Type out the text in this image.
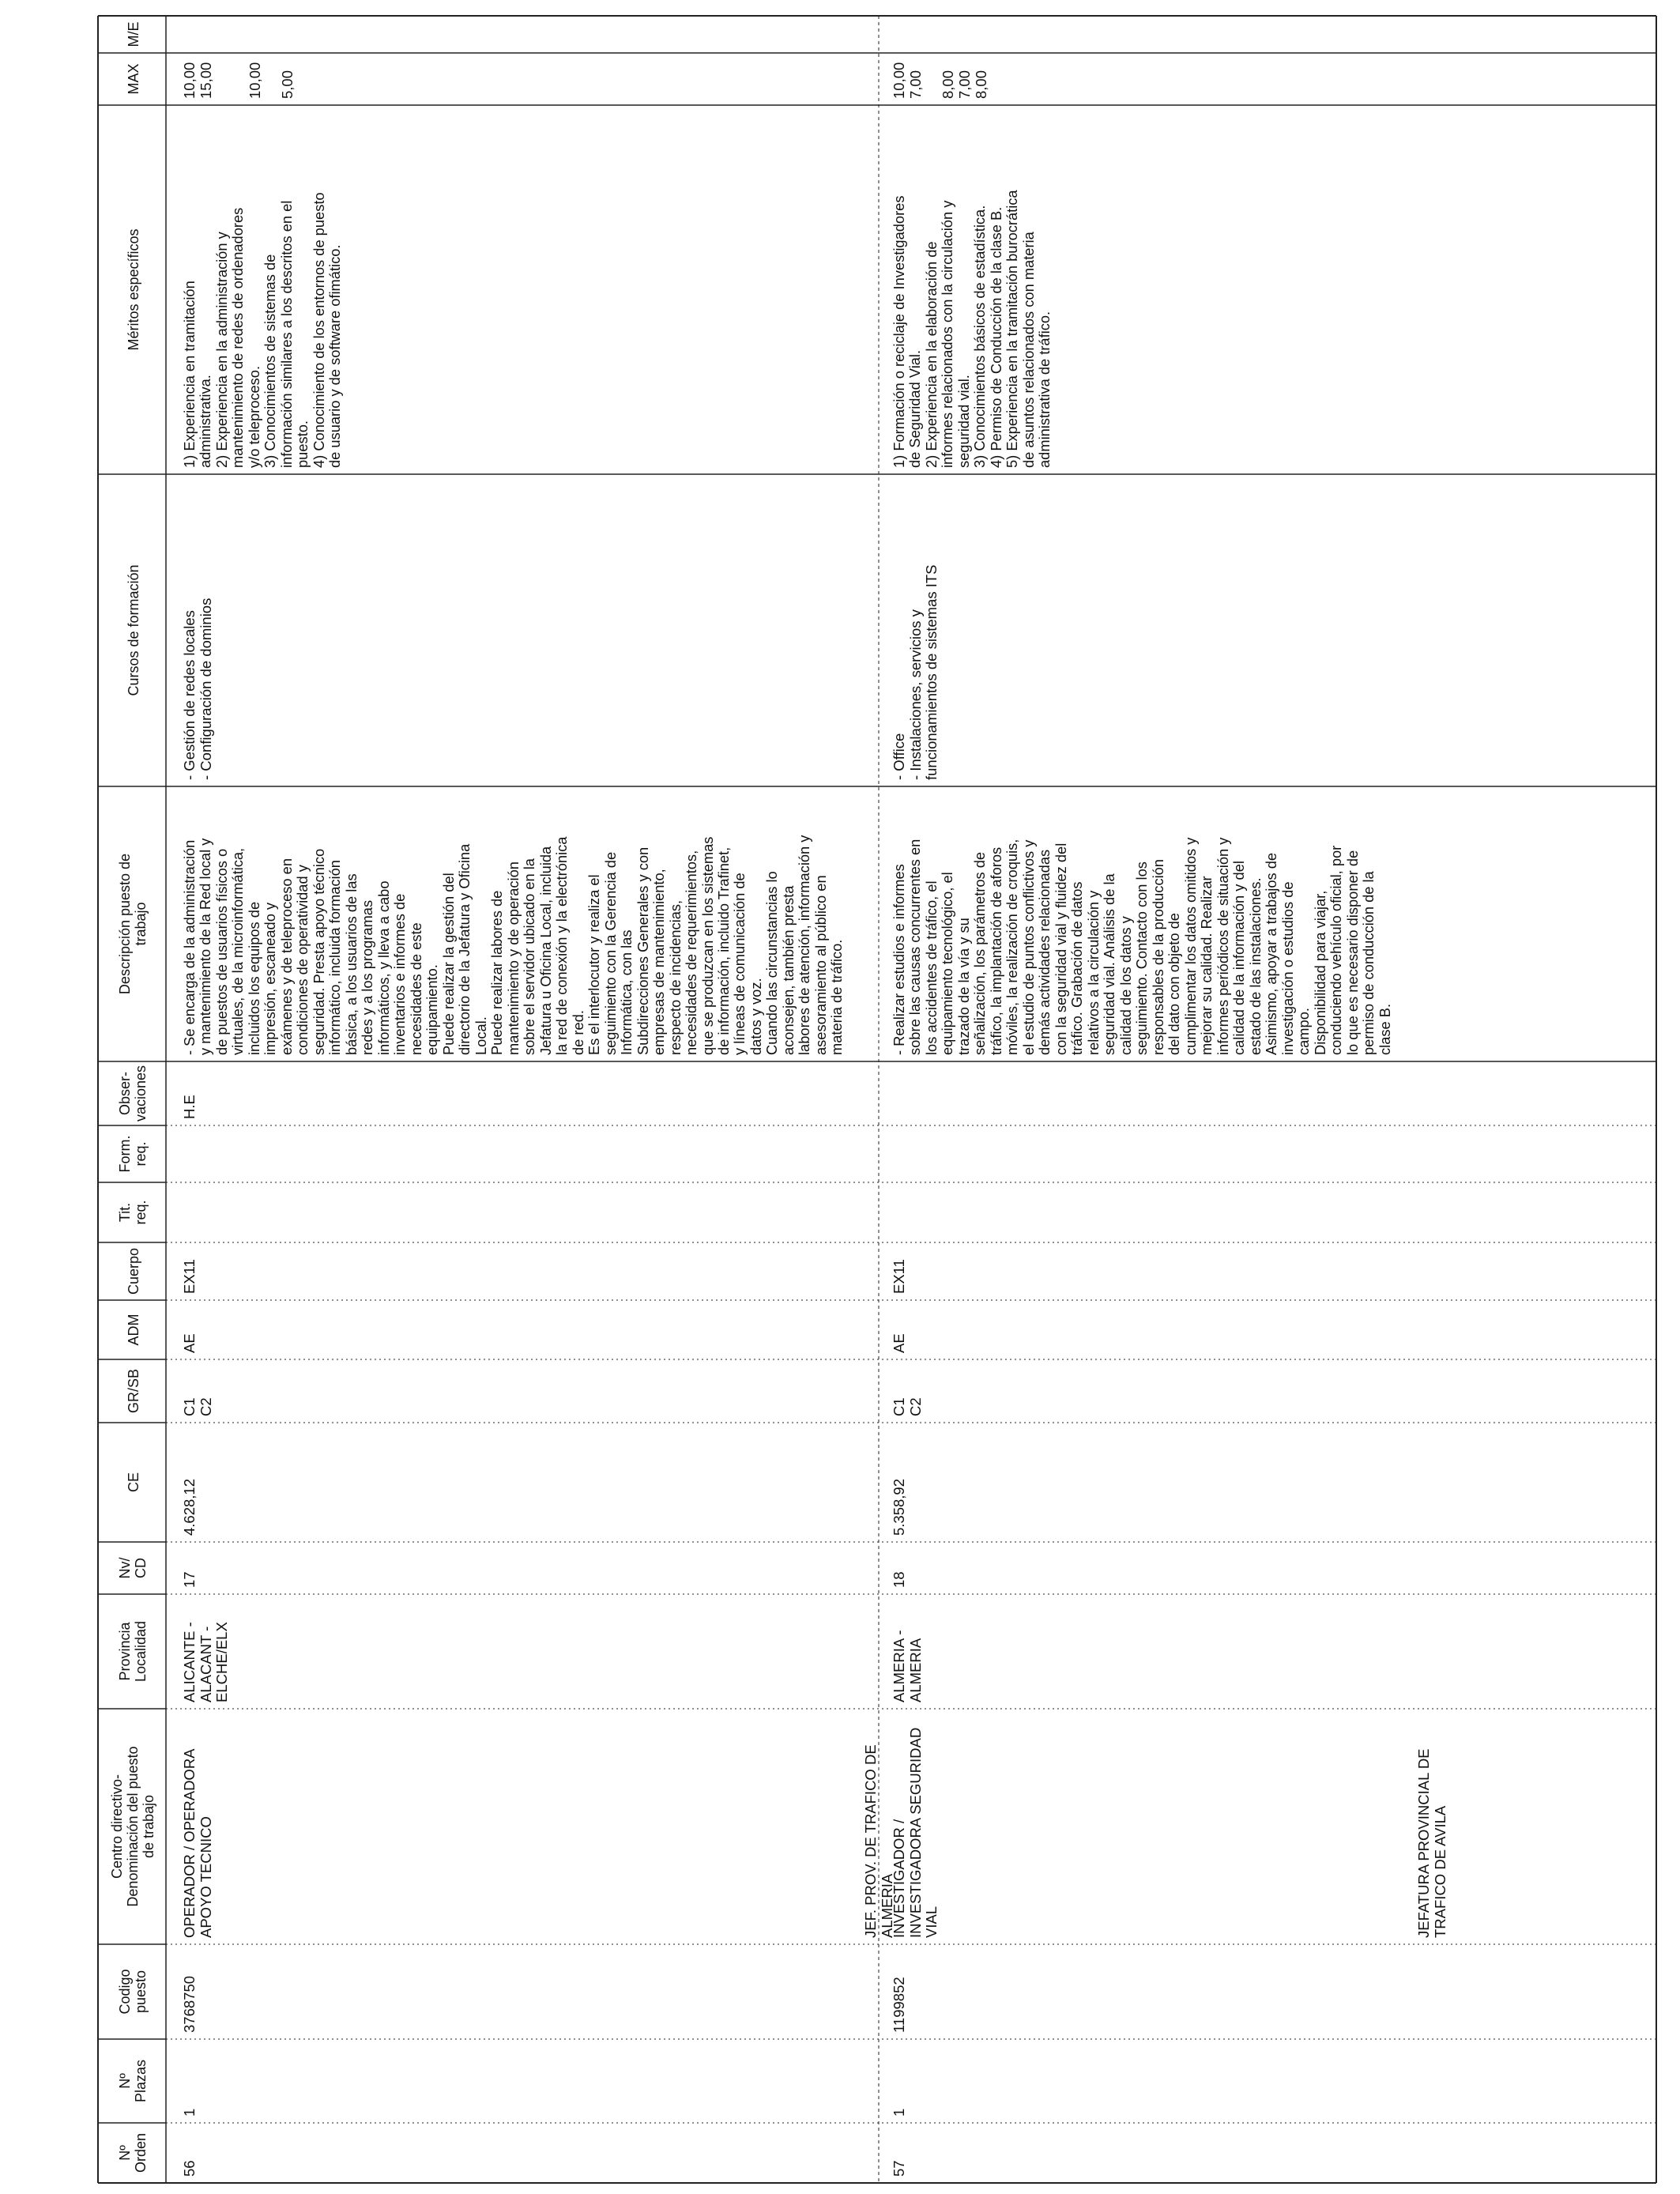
Nº
Orden
Nº
Plazas
Codigo
puesto
Centro directivo-
Denominación del puesto
de trabajo
Provincia
Localidad
Nv/
CD
CE
GR/SB
ADM
Cuerpo
Tit.
req.
Form.
req.
Obser-
vaciones
Descripción puesto de
trabajo
Cursos de formación
Méritos específicos
MAX
M/E
56
1
3768750
OPERADOR / OPERADORA
APOYO TECNICO
ALICANTE -
ALACANT -
ELCHE/ELX
17
4.628,12
C1
C2
AE
EX11
H.E
- Se encarga de la administración
y mantenimiento de la Red local y
de puestos de usuarios físicos o
virtuales, de la microinformática,
incluidos los equipos de
impresión, escaneado y
exámenes y de teleproceso en
condiciones de operatividad y
seguridad. Presta apoyo técnico
informático, incluida formación
básica, a los usuarios de las
redes y a los programas
informáticos, y lleva a cabo
inventarios e informes de
necesidades de este
equipamiento.
Puede realizar la gestión del
directorio de la Jefatura y Oficina
Local.
Puede realizar labores de
mantenimiento y de operación
sobre el servidor ubicado en la
Jefatura u Oficina Local, incluida
la red de conexión y la electrónica
de red.
Es el interlocutor y realiza el
seguimiento con la Gerencia de
Informática, con las
Subdirecciones Generales y con
empresas de mantenimiento,
respecto de incidencias,
necesidades de requerimientos,
que se produzcan en los sistemas
de información, incluido Trafinet,
y líneas de comunicación de
datos y voz.
Cuando las circunstancias lo
aconsejen, también presta
labores de atención, información y
asesoramiento al público en
materia de tráfico.
- Gestión de redes locales
- Configuración de dominios
1) Experiencia en tramitación
administrativa.
2) Experiencia en la administración y
mantenimiento de redes de ordenadores
y/o teleproceso.
3) Conocimientos de sistemas de
información similares a los descritos en el
puesto.
4) Conocimiento de los entornos de puesto
de usuario y de software ofimático.
10,00
15,00

10,00

5,00
57
1
1199852
INVESTIGADOR /
INVESTIGADORA SEGURIDAD
VIAL
ALMERIA -
ALMERIA
18
5.358,92
C1
C2
AE
EX11
- Realizar estudios e informes
sobre las causas concurrentes en
los accidentes de tráfico, el
equipamiento tecnológico, el
trazado de la vía y su
señalización, los parámetros de
tráfico, la implantación de aforos
móviles, la realización de croquis,
el estudio de puntos conflictivos y
demás actividades relacionadas
con la seguridad vial y fluidez del
tráfico. Grabación de datos
relativos a la circulación y
seguridad vial. Análisis de la
calidad de los datos y
seguimiento. Contacto con los
responsables de la producción
del dato con objeto de
cumplimentar los datos omitidos y
mejorar su calidad. Realizar
informes periódicos de situación y
calidad de la información y del
estado de las instalaciones.
Asimismo, apoyar a trabajos de
investigación o estudios de
campo.
Disponibilidad para viajar,
conduciendo vehículo oficial, por
lo que es necesario disponer de
permiso de conducción de la
clase B.
- Office
- Instalaciones, servicios y
funcionamientos de sistemas ITS
1) Formación o reciclaje de Investigadores
de Seguridad Vial.
2) Experiencia en la elaboración de
informes relacionados con la circulación y
seguridad vial.
3) Conocimientos básicos de estadística.
4) Permiso de Conducción de la clase B.
5) Experiencia en la tramitación burocrática
de asuntos relacionados con materia
administrativa de tráfico.
10,00
7,00

8,00
7,00
8,00
JEF. PROV. DE TRAFICO DE
ALMERIA	JEFATURA PROVINCIAL DE
TRAFICO DE AVILA
